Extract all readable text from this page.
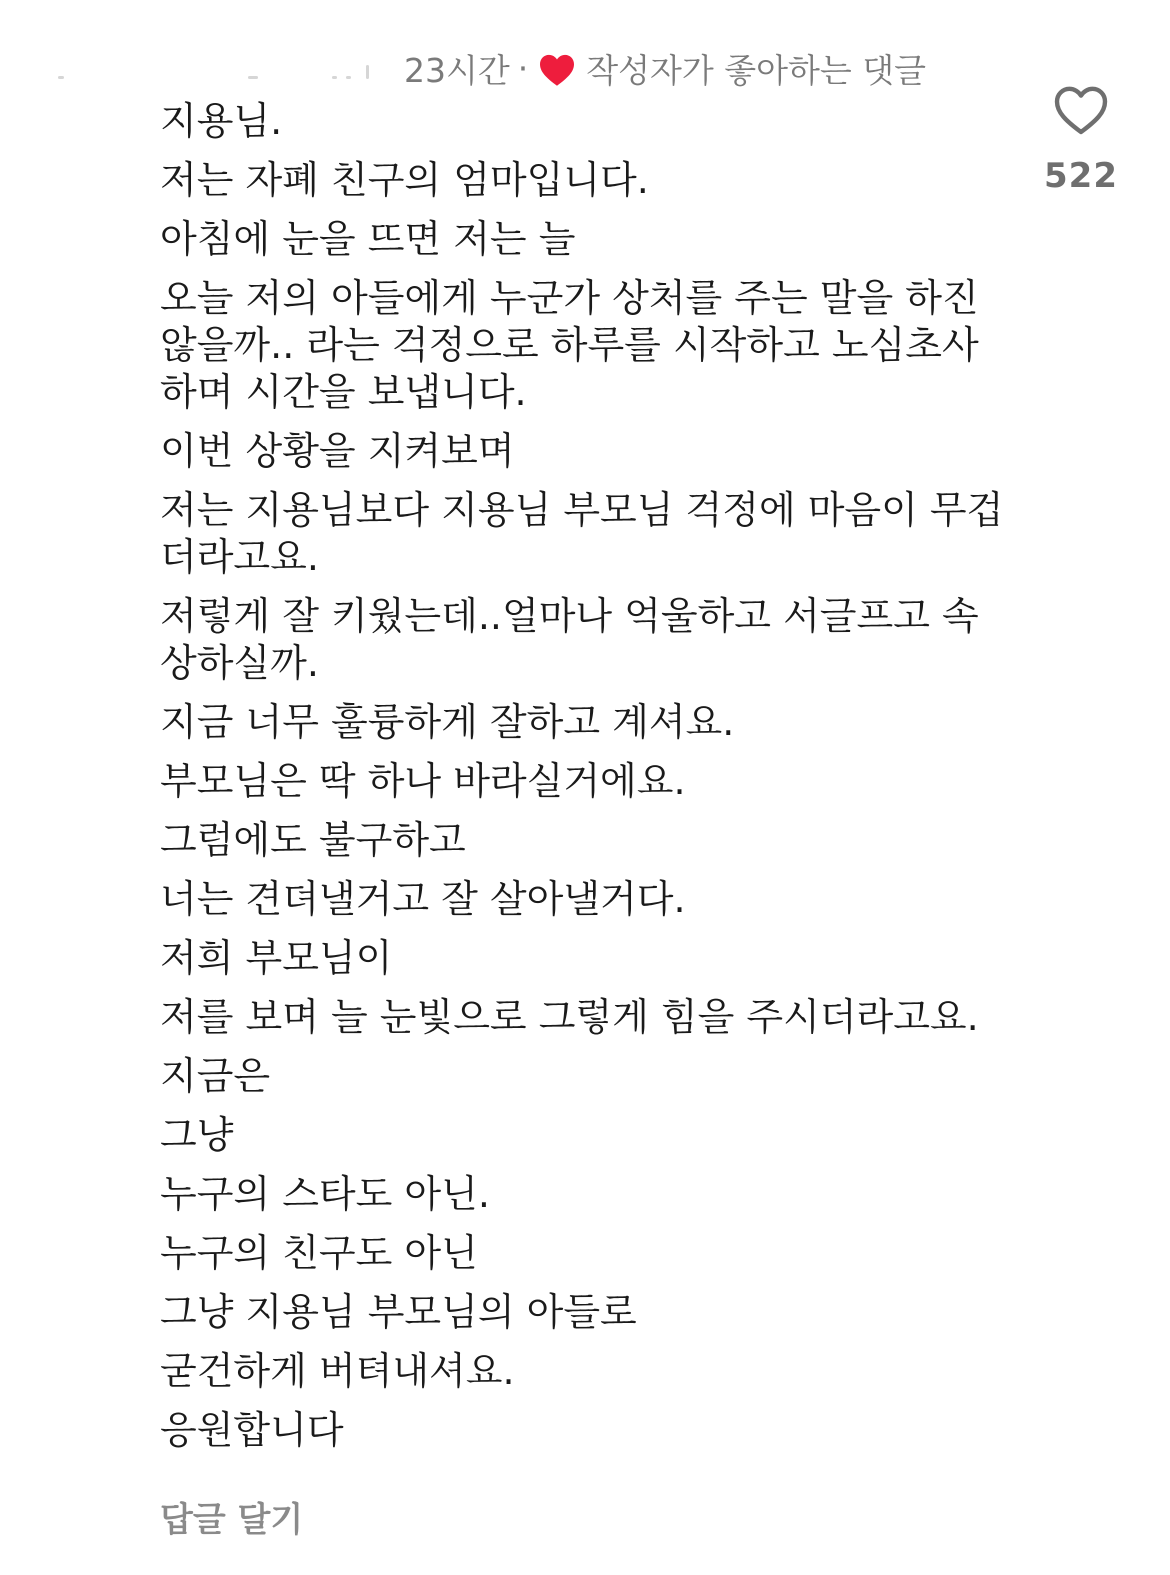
23시간 · 작성자가 좋아하는 댓글
지용님.
저는 자폐 친구의 엄마입니다.
아침에 눈을 뜨면 저는 늘
오늘 저의 아들에게 누군가 상처를 주는 말을 하진
않을까.. 라는 걱정으로 하루를 시작하고 노심초사
하며 시간을 보냅니다.
이번 상황을 지켜보며
저는 지용님보다 지용님 부모님 걱정에 마음이 무겁
더라고요.
저렇게 잘 키웠는데..얼마나 억울하고 서글프고 속
상하실까.
지금 너무 훌륭하게 잘하고 계셔요.
부모님은 딱 하나 바라실거에요.
그럼에도 불구하고
너는 견뎌낼거고 잘 살아낼거다.
저희 부모님이
저를 보며 늘 눈빛으로 그렇게 힘을 주시더라고요.
지금은
그냥
누구의 스타도 아닌.
누구의 친구도 아닌
그냥 지용님 부모님의 아들로
굳건하게 버텨내셔요.
응원합니다
522
답글 달기
